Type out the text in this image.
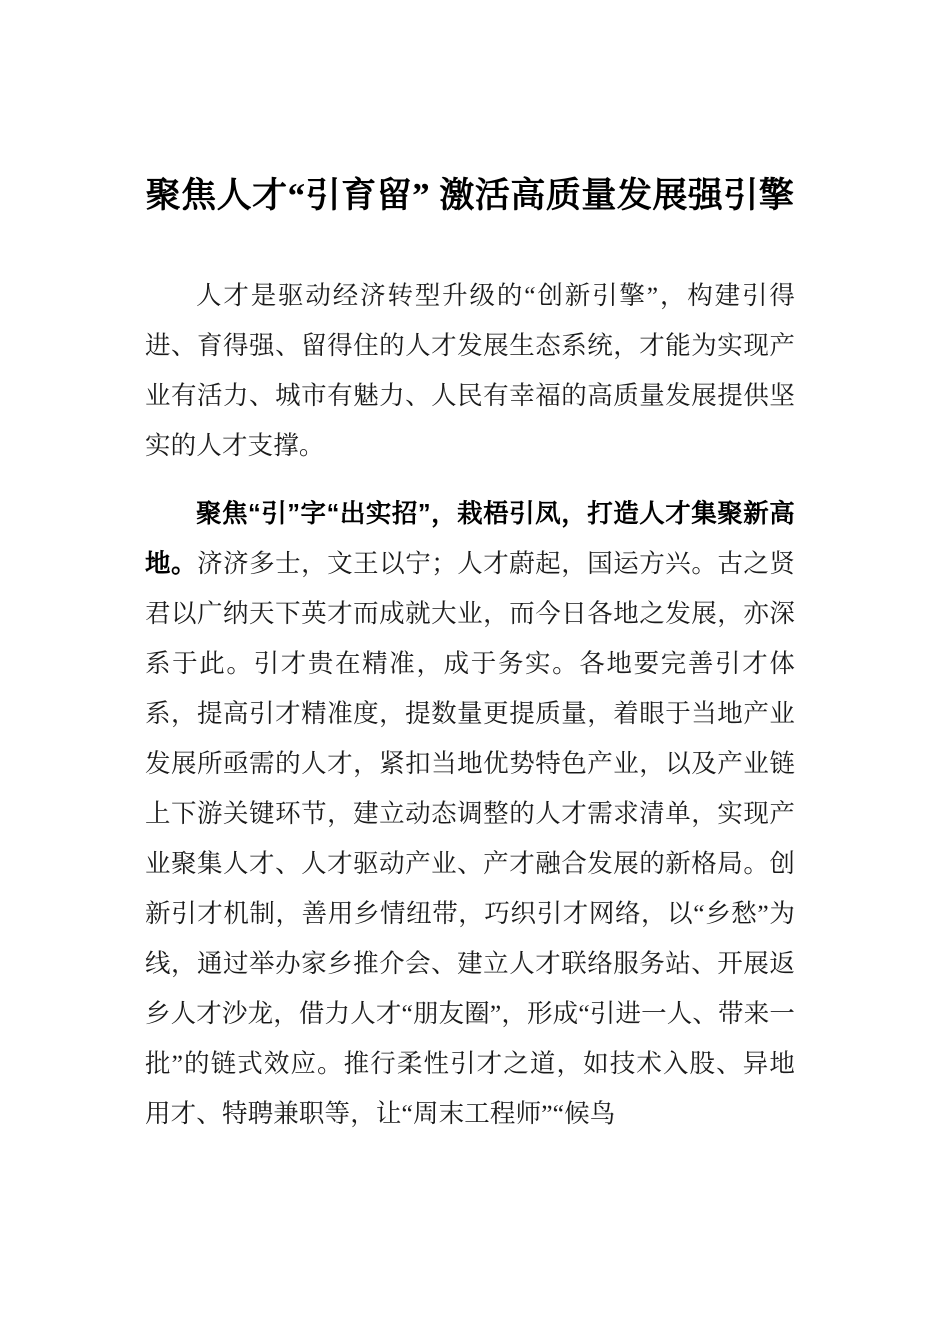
聚焦人才“引育留” 激活高质量发展强引擎

人才是驱动经济转型升级的“创新引擎”，构建引得进、育得强、留得住的人才发展生态系统，才能为实现产业有活力、城市有魅力、人民有幸福的高质量发展提供坚实的人才支撑。

聚焦“引”字“出实招”，栽梧引凤，打造人才集聚新高地。济济多士，文王以宁；人才蔚起，国运方兴。古之贤君以广纳天下英才而成就大业，而今日各地之发展，亦深系于此。引才贵在精准，成于务实。各地要完善引才体系，提高引才精准度，提数量更提质量，着眼于当地产业发展所亟需的人才，紧扣当地优势特色产业，以及产业链上下游关键环节，建立动态调整的人才需求清单，实现产业聚集人才、人才驱动产业、产才融合发展的新格局。创新引才机制，善用乡情纽带，巧织引才网络，以“乡愁”为线，通过举办家乡推介会、建立人才联络服务站、开展返乡人才沙龙，借力人才“朋友圈”，形成“引进一人、带来一批”的链式效应。推行柔性引才之道，如技术入股、异地用才、特聘兼职等，让“周末工程师”“候鸟
